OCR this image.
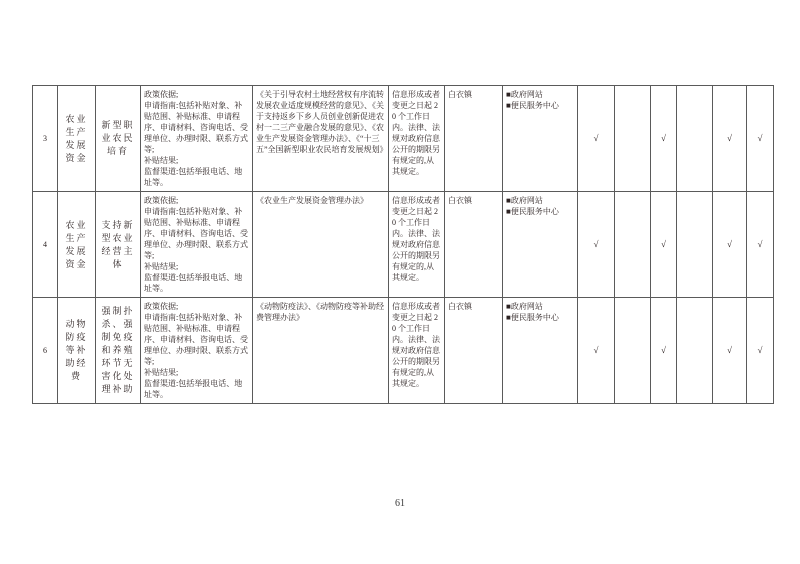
3	农业生产发展资金	新型职业农民培育	
政策依据;
申请指南:包括补贴对象、补贴范围、补贴标准、申请程序、申请材料、咨询电话、受理单位、办理时限、联系方式等;
补贴结果;
监督渠道:包括举报电话、地址等。
	《关于引导农村土地经营权有序流转发展农业适度规模经营的意见》、《关于支持返乡下乡人员创业创新促进农村一二三产业融合发展的意见》、《农业生产发展资金管理办法》、《“十三五”全国新型职业农民培育发展规划》	信息形成或者变更之日起 20 个工作日内。法律、法规对政府信息公开的期限另有规定的,从其规定。	白衣镇	■政府网站
■便民服务中心
	√		√		√	√
4	农业生产发展资金	支持新型农业经营主体	
政策依据;
申请指南:包括补贴对象、补贴范围、补贴标准、申请程序、申请材料、咨询电话、受理单位、办理时限、联系方式等;
补贴结果;
监督渠道:包括举报电话、地址等。
	《农业生产发展资金管理办法》	信息形成或者变更之日起 20 个工作日内。法律、法规对政府信息公开的期限另有规定的,从其规定。	白衣镇	■政府网站
■便民服务中心
	√		√		√	√
6	动物防疫等补助经费	强制扑杀、强制免疫和养殖环节无害化处理补助	
政策依据;
申请指南:包括补贴对象、补贴范围、补贴标准、申请程序、申请材料、咨询电话、受理单位、办理时限、联系方式等;
补贴结果;
监督渠道:包括举报电话、地址等。
	《动物防疫法》、《动物防疫等补助经费管理办法》	信息形成或者变更之日起 20 个工作日内。法律、法规对政府信息公开的期限另有规定的,从其规定。	白衣镇	■政府网站
■便民服务中心
	√		√		√	√
61
